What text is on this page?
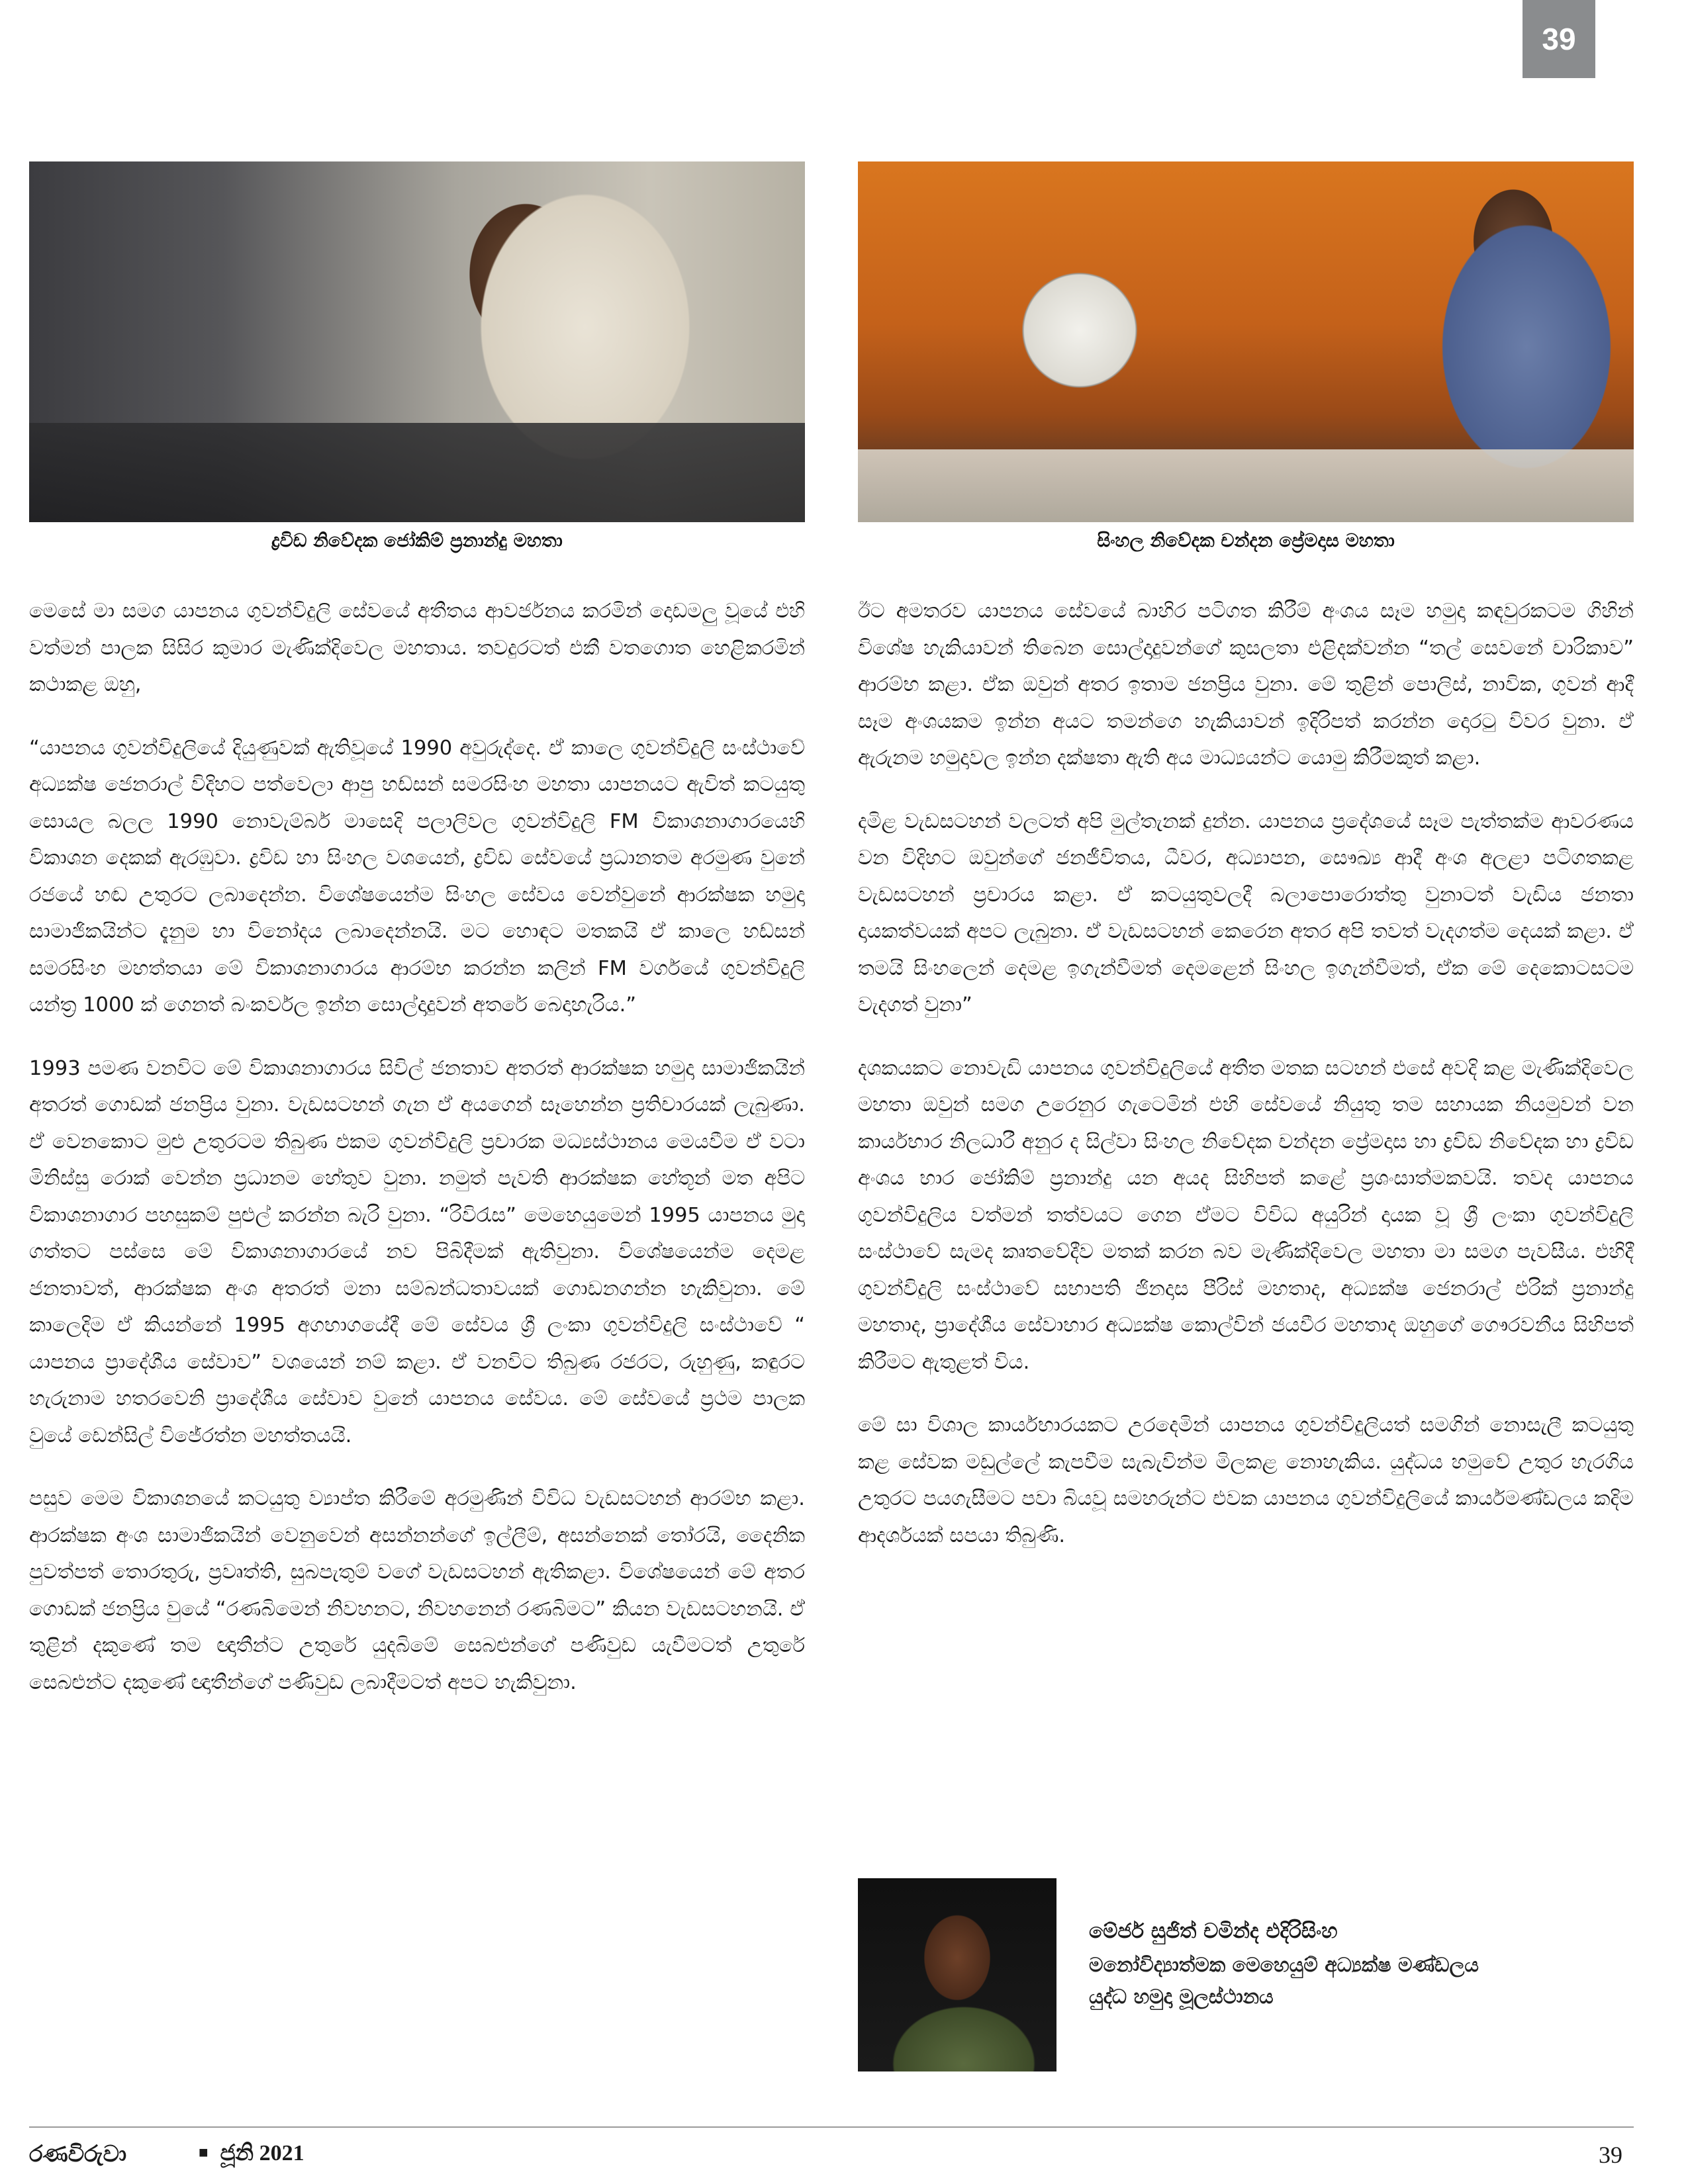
39
ද්‍රවිඩ නිවේදක ජෝකිම් ප්‍රනාන්දු මහතා	සිංහල නිවේදක චන්දන ප්‍රේමදාස මහතා

මෙසේ මා සමග යාපනය ගුවන්විදුලි සේවයේ අතීතය ආවර්ජනය කරමින් දොඩමලු වූයේ එහි වත්මන් පාලක සිසිර කුමාර මැණික්දිවෙල මහතාය. තවදුරටත් එකී වතගොත හෙළිකරමින් කථාකළ ඔහු,

“යාපනය ගුවන්විදුලියේ දියුණුවක් ඇතිවූයේ 1990 අවුරුද්දෙ. ඒ කාලෙ ගුවන්විදුලි සංස්ථාවේ අධ්‍යක්ෂ ජෙනරාල් විදිහට පත්වෙලා ආපු හඩ්සන් සමරසිංහ මහතා යාපනයට ඇවිත් කටයුතු සොයල බලල 1990 නොවැම්බර් මාසෙදි පලාලිවල ගුවන්විදුලි FM විකාශනාගාරයෙහි විකාශන දෙකක් ඇරඹුවා. ද්‍රවිඩ හා සිංහල වශයෙන්, ද්‍රවිඩ සේවයේ ප්‍රධානතම අරමුණ වුනේ රජයේ හඬ උතුරට ලබාදෙන්න. විශේෂයෙන්ම සිංහල සේවය වෙන්වුනේ ආරක්ෂක හමුදා සාමාජිකයින්ට දැනුම හා විනෝදය ලබාදෙන්නයි. මට හොඳට මතකයි ඒ කාලෙ හඩ්සන් සමරසිංහ මහත්තයා මේ විකාශනාගාරය ආරම්භ කරන්න කලින් FM වර්ගයේ ගුවන්විදුලි යන්ත්‍ර 1000 ක් ගෙනත් බංකර්වල ඉන්න සොල්දාදුවන් අතරේ බෙදාහැරිය.”

1993 පමණ වනවිට මේ විකාශනාගාරය සිවිල් ජනතාව අතරත් ආරක්ෂක හමුදා සාමාජිකයින් අතරත් ගොඩක් ජනප්‍රිය වුනා. වැඩසටහන් ගැන ඒ අයගෙන් සෑහෙන්න ප්‍රතිචාරයක් ලැබුණා. ඒ වෙනකොට මුළු උතුරටම තිබුණ එකම ගුවන්විදුලි ප්‍රචාරක මධ්‍යස්ථානය මෙයවීම ඒ වටා මිනිස්සු රොක් වෙන්න ප්‍රධානම හේතුව වුනා. නමුත් පැවති ආරක්ෂක හේතූන් මත අපිට විකාශනාගාර පහසුකම් පුළුල් කරන්න බැරි වුනා. “රිවිරැස” මෙහෙයුමෙන් 1995 යාපනය මුදා ගත්තට පස්සෙ මේ විකාශනාගාරයේ නව පිබිදීමක් ඇතිවුනා. විශේෂයෙන්ම දෙමළ ජනතාවත්, ආරක්ෂක අංශ අතරත් මනා සම්බන්ධතාවයක් ගොඩනගන්න හැකිවුනා. මේ කාලෙදිම ඒ කියන්නේ 1995 අගභාගයේදී මේ සේවය ශ්‍රී ලංකා ගුවන්විදුලි සංස්ථාවේ “ යාපනය ප්‍රාදේශීය සේවාව” වශයෙන් නම් කළා. ඒ වනවිට තිබුණ රජරට, රුහුණු, කඳුරට හැරුනාම හතරවෙනි ප්‍රාදේශීය සේවාව වුනේ යාපනය සේවය. මේ සේවයේ ප්‍රථම පාලක වුයේ ඩෙන්සිල් විජේරත්න මහත්තයයි.

පසුව මෙම විකාශනයේ කටයුතු ව්‍යාප්ත කිරීමේ අරමුණින් විවිධ වැඩසටහන් ආරම්භ කළා. ආරක්ෂක අංශ සාමාජිකයින් වෙනුවෙන් අසන්නන්ගේ ඉල්ලීම්, අසන්නෙක් තෝරයි, දෛනික පුවත්පත් තොරතුරු, ප්‍රවෘත්ති, සුබපැතුම් වගේ වැඩසටහන් ඇතිකළා. විශේෂයෙන් මේ අතර ගොඩක් ජනප්‍රිය වුයේ “රණබිමෙන් නිවහනට, නිවහනෙන් රණබිමට” කියන වැඩසටහනයි. ඒ තුළින් දකුණේ තම ඥාතීන්ට උතුරේ යුදබිමේ සෙබළුන්ගේ පණිවුඩ යැවීමටත් උතුරේ සෙබළුන්ට දකුණේ ඥාතීන්ගේ පණිවුඩ ලබාදීමටත් අපට හැකිවුනා.

ඊට අමතරව යාපනය සේවයේ බාහිර පටිගත කිරීම් අංශය සෑම හමුදා කඳවුරකටම ගිහින් විශේෂ හැකියාවන් තිබෙන සොල්දාදුවන්ගේ කුසලතා එළිදක්වන්න “තල් සෙවනේ චාරිකාව” ආරම්භ කළා. ඒක ඔවුන් අතර ඉතාම ජනප්‍රිය වුනා. මේ තුළින් පොලිස්, නාවික, ගුවන් ආදී සෑම අංශයකම ඉන්න අයට තමන්ගෙ හැකියාවන් ඉදිරිපත් කරන්න දොරටු විවර වුනා. ඒ ඇරුනම හමුදාවල ඉන්න දක්ෂතා ඇති අය මාධ්‍යයන්ට යොමු කිරීමකුත් කළා.

දමිළ වැඩසටහන් වලටත් අපි මුල්තැනක් දුන්න. යාපනය ප්‍රදේශයේ සෑම පැත්තක්ම ආවරණය වන විදිහට ඔවුන්ගේ ජනජීවිතය, ධීවර, අධ්‍යාපන, සෞඛ්‍ය ආදී අංශ අලළා පටිගතකළ වැඩසටහන් ප්‍රචාරය කළා. ඒ කටයුතුවලදී බලාපොරොත්තු වුනාටත් වැඩිය ජනතා දායකත්වයක් අපට ලැබුනා. ඒ වැඩසටහන් කෙරෙන අතර අපි තවත් වැදගත්ම දෙයක් කළා. ඒ තමයි සිංහලෙන් දෙමළ ඉගැන්වීමත් දෙමළෙන් සිංහල ඉගැන්වීමත්, ඒක මේ දෙකොටසටම වැදගත් වුනා”

දශකයකට නොවැඩි යාපනය ගුවන්විදුලියේ අතීත මතක සටහන් එසේ අවදි කළ මැණික්දිවෙල මහතා ඔවුන් සමග උරෙනුර ගැටෙමින් එහි සේවයේ නියුතු තම සහායක නියමුවන් වන කාර්යභාර නිලධාරී අනුර ද සිල්වා සිංහල නිවේදක චන්දන ප්‍රේමදාස හා ද්‍රවිඩ නිවේදක හා ද්‍රවිඩ අංශය භාර ජෝකිම් ප්‍රනාන්දු යන අයද සිහිපත් කළේ ප්‍රශංසාත්මකවයි. තවද යාපනය ගුවන්විදුලිය වත්මන් තත්වයට ගෙන ඒමට විවිධ අයුරින් දායක වූ ශ්‍රී ලංකා ගුවන්විදුලි සංස්ථාවේ සැමද කෘතවේදීව මතක් කරන බව මැණික්දිවෙල මහතා මා සමග පැවසීය. එහිදී ගුවන්විදුලි සංස්ථාවේ සභාපති ජිනදාස පීරිස් මහතාද, අධ්‍යක්ෂ ජෙනරාල් එරික් ප්‍රනාන්දු මහතාද, ප්‍රාදේශීය සේවාභාර අධ්‍යක්ෂ කොල්වින් ජයවීර මහතාද ඔහුගේ ගෞරවනීය සිහිපත් කිරීමට ඇතුළත් විය.

මේ සා විශාල කාර්යභාරයකට උරදෙමින් යාපනය ගුවන්විදුලියත් සමගින් නොසැලී කටයුතු කළ සේවක මඩුල්ලේ කැපවීම සැබැවින්ම මිලකළ නොහැකිය. යුද්ධය හමුවේ උතුර හැරගිය උතුරට පයගැසීමට පවා බියවූ සමහරුන්ට එවක යාපනය ගුවන්විදුලියේ කාර්යමණ්ඩලය කදිම ආදර්ශයක් සපයා තිබුණි.

මේජර් සුජිත් චමින්ද එදිරිසිංහ
මනෝවිද්‍යාත්මක මෙහෙයුම් අධ්‍යක්ෂ මණ්ඩලය
යුද්ධ හමුදා මූලස්ථානය
රණවිරුවා
■	ජූනි 2021	39
